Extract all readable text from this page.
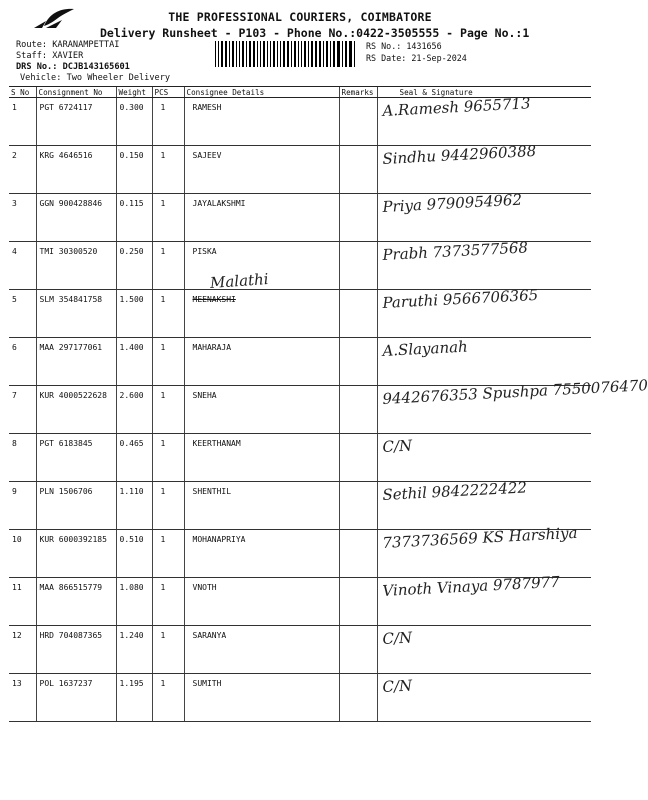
THE PROFESSIONAL COURIERS, COIMBATORE
Delivery Runsheet - P103 - Phone No.:0422-3505555 - Page No.:1
Route: KARANAMPETTAI
Staff: XAVIER
DRS No.: DCJB143165601
Vehicle: Two Wheeler Delivery
RS No.: 1431656
RS Date: 21-Sep-2024
S No	Consignment No	Weight	PCS	Consignee Details	Remarks	Seal & Signature
1	PGT 6724117	0.300	1	RAMESH		A.Ramesh 9655713

2	KRG 4646516	0.150	1	SAJEEV		Sindhu 9442960388

3	GGN 900428846	0.115	1	JAYALAKSHMI		Priya 9790954962

4	TMI 30300520	0.250	1	PISKA		Prabh 7373577568

5	SLM 354841758	1.500	1	MEENAKSHI		Paruthi 9566706365

6	MAA 297177061	1.400	1	MAHARAJA		A.Slayanah

7	KUR 4000522628	2.600	1	SNEHA		9442676353 Spushpa 7550076470

8	PGT 6183845	0.465	1	KEERTHANAM		C/N

9	PLN 1506706	1.110	1	SHENTHIL		Sethil 9842222422

10	KUR 6000392185	0.510	1	MOHANAPRIYA		7373736569 KS Harshiya

11	MAA 866515779	1.080	1	VNOTH		Vinoth Vinaya 9787977

12	HRD 704087365	1.240	1	SARANYA		C/N

13	POL 1637237	1.195	1	SUMITH		C/N
Malathi
